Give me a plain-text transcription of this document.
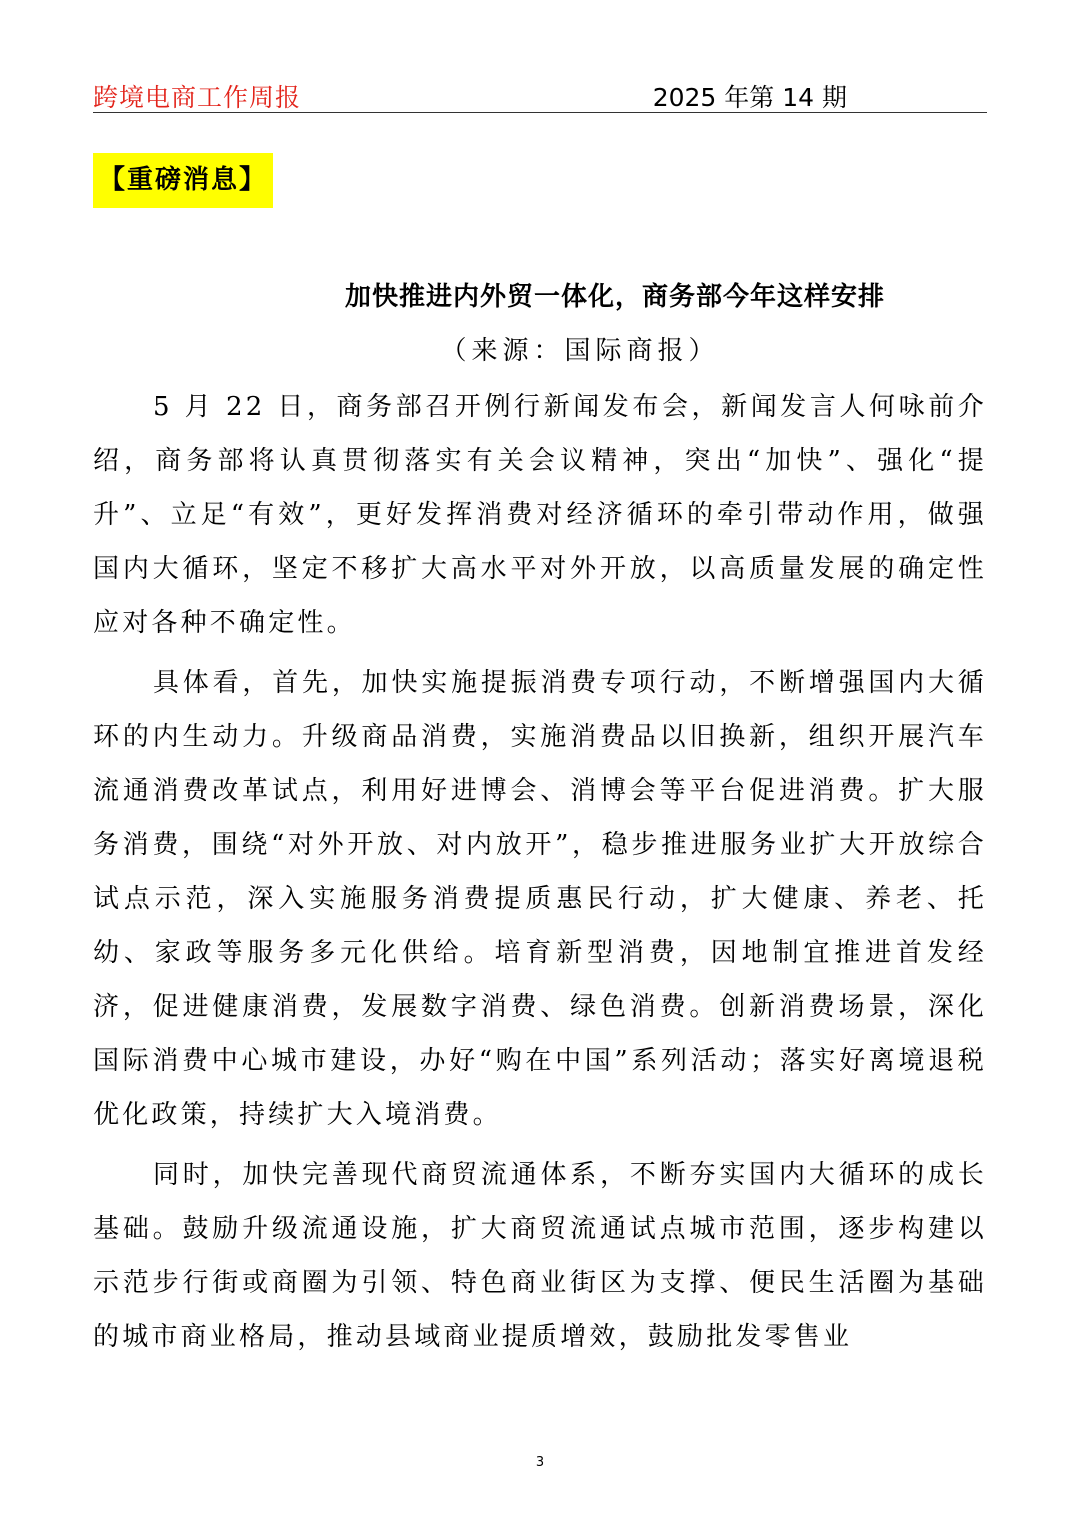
跨境电商工作周报	2025 年第 14 期
【重磅消息】
加快推进内外贸一体化，商务部今年这样安排
（来源：国际商报）

5 月 22 日，商务部召开例行新闻发布会，新闻发言人何咏前介绍，商务部将认真贯彻落实有关会议精神，突出“加快”、强化“提升”、立足“有效”，更好发挥消费对经济循环的牵引带动作用，做强国内大循环，坚定不移扩大高水平对外开放，以高质量发展的确定性应对各种不确定性。

具体看，首先，加快实施提振消费专项行动，不断增强国内大循环的内生动力。升级商品消费，实施消费品以旧换新，组织开展汽车流通消费改革试点，利用好进博会、消博会等平台促进消费。扩大服务消费，围绕“对外开放、对内放开”，稳步推进服务业扩大开放综合试点示范，深入实施服务消费提质惠民行动，扩大健康、养老、托幼、家政等服务多元化供给。培育新型消费，因地制宜推进首发经济，促进健康消费，发展数字消费、绿色消费。创新消费场景，深化国际消费中心城市建设，办好“购在中国”系列活动；落实好离境退税优化政策，持续扩大入境消费。

同时，加快完善现代商贸流通体系，不断夯实国内大循环的成长基础。鼓励升级流通设施，扩大商贸流通试点城市范围，逐步构建以示范步行街或商圈为引领、特色商业街区为支撑、便民生活圈为基础的城市商业格局，推动县域商业提质增效，鼓励批发零售业

3
